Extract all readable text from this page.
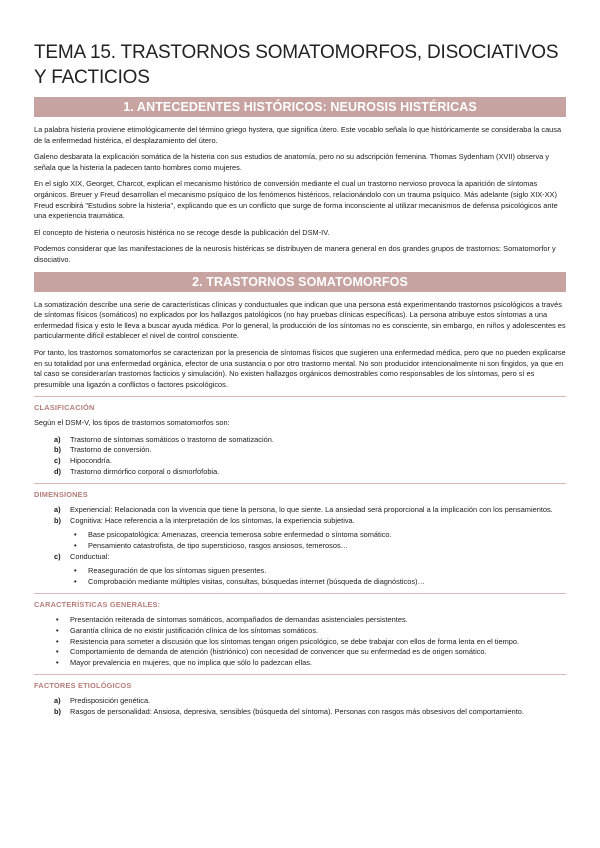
TEMA 15. TRASTORNOS SOMATOMORFOS, DISOCIATIVOS Y FACTICIOS
1. ANTECEDENTES HISTÓRICOS: NEUROSIS HISTÉRICAS

La palabra histeria proviene etimológicamente del término griego hystera, que significa útero. Este vocablo señala lo que históricamente se consideraba la causa de la enfermedad histérica, el desplazamiento del útero.

Galeno desbarata la explicación somática de la histeria con sus estudios de anatomía, pero no su adscripción femenina. Thomas Sydenham (XVII) observa y señala que la histeria la padecen tanto hombres como mujeres.

En el siglo XIX, Georget, Charcot, explican el mecanismo histórico de conversión mediante el cual un trastorno nervioso provoca la aparición de síntomas orgánicos. Breuer y Freud desarrollan el mecanismo psíquico de los fenómenos histéricos, relacionándolo con un trauma psíquico. Más adelante (siglo XIX-XX) Freud escribirá "Estudios sobre la histeria", explicando que es un conflicto que surge de forma inconsciente al utilizar mecanismos de defensa psicológicos ante una experiencia traumática.

El concepto de histeria o neurosis histérica no se recoge desde la publicación del DSM-IV.

Podemos considerar que las manifestaciones de la neurosis histéricas se distribuyen de manera general en dos grandes grupos de trastornos: Somatomorfor y disociativo.

2. TRASTORNOS SOMATOMORFOS

La somatización describe una serie de características clínicas y conductuales que indican que una persona está experimentando trastornos psicológicos a través de síntomas físicos (somáticos) no explicados por los hallazgos patológicos (no hay pruebas clínicas específicas). La persona atribuye estos síntomas a una enfermedad física y esto le lleva a buscar ayuda médica. Por lo general, la producción de los síntomas no es consciente, sin embargo, en niños y adolescentes es particularmente difícil establecer el nivel de control consciente.

Por tanto, los trastornos somatomorfos se caracterizan por la presencia de síntomas físicos que sugieren una enfermedad médica, pero que no pueden explicarse en su totalidad por una enfermedad orgánica, efector de una sustancia o por otro trastorno mental. No son producidor intencionalmente ni son fingidos, ya que en tal caso se considerarían trastornos facticios y simulación). No existen hallazgos orgánicos demostrables como responsables de los síntomas, pero sí es presumible una ligazón a conflictos o factores psicológicos.

CLASIFICACIÓN

Según el DSM-V, los tipos de trastornos somatomorfos son:

a) Trastorno de síntomas somáticos o trastorno de somatización.
b) Trastorno de conversión.
c) Hipocondría.
d) Trastorno dirmórfico corporal o dismorfofobia.
DIMENSIONES
a) Experiencial: Relacionada con la vivencia que tiene la persona, lo que siente. La ansiedad será proporcional a la implicación con los pensamientos.
b) Cognitiva: Hace referencia a la interpretación de los síntomas, la experiencia subjetiva.
• Base psicopatológica: Amenazas, creencia temerosa sobre enfermedad o síntoma somático.
• Pensamiento catastrofista, de tipo supersticioso, rasgos ansiosos, temerosos…
c) Conductual:
• Reaseguración de que los síntomas siguen presentes.
• Comprobación mediante múltiples visitas, consultas, búsquedas internet (búsqueda de diagnósticos)…
CARACTERÍSTICAS GENERALES:
• Presentación reiterada de síntomas somáticos, acompañados de demandas asistenciales persistentes.
• Garantía clínica de no existir justificación clínica de los síntomas somáticos.
• Resistencia para someter a discusión que los síntomas tengan origen psicológico, se debe trabajar con ellos de forma lenta en el tiempo.
• Comportamiento de demanda de atención (histriónico) con necesidad de convencer que su enfermedad es de origen somático.
• Mayor prevalencia en mujeres, que no implica que sólo lo padezcan ellas.
FACTORES ETIOLÓGICOS
a) Predisposición genética.
b) Rasgos de personalidad: Ansiosa, depresiva, sensibles (búsqueda del síntoma). Personas con rasgos más obsesivos del comportamiento.
